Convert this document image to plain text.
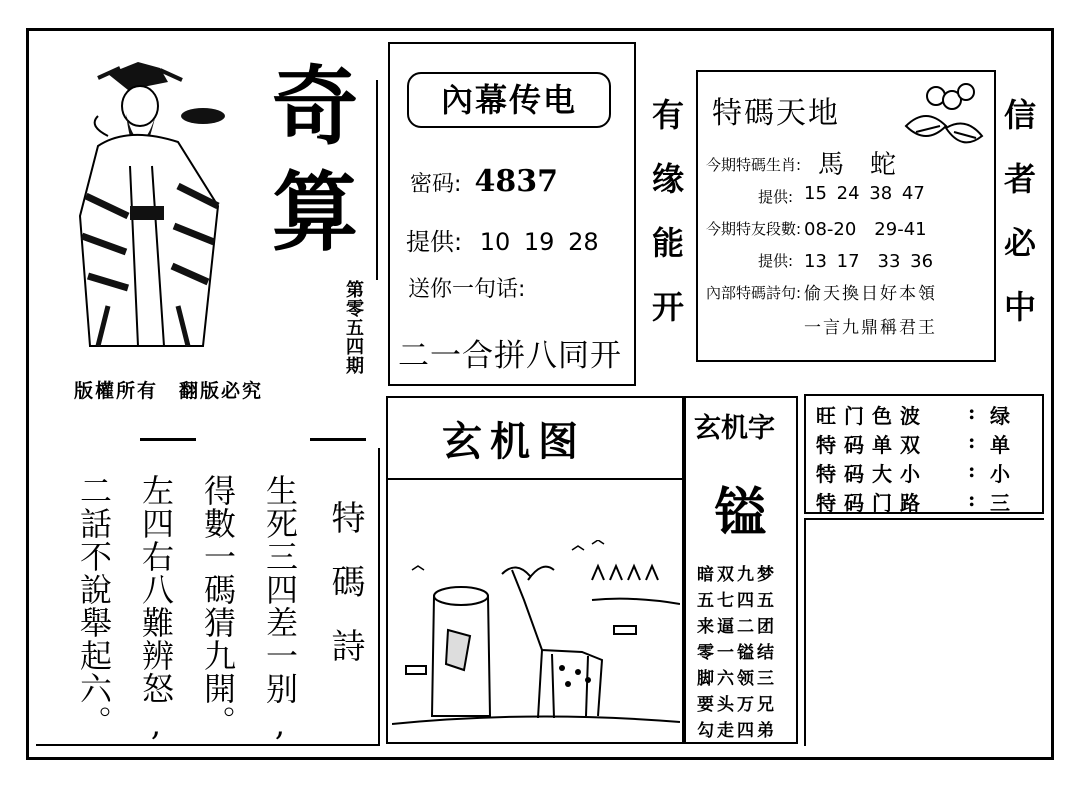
奇
算
第零五四期
版權所有　翻版必究
內幕传电
密码: 4837
提供: 10 19 28
送你一句话:
二一合拼八同开
有缘能开	信者必中
特碼天地
今期特碼生肖: 馬　蛇
提供: 15 24 38 47
今期特友段數: 08-20　29-41
提供: 13 17　33 36
內部特碼詩句: 偷天換日好本領
一言九鼎稱君王
玄机图	玄机字
镒
暗双九梦
五七四五
来逼二团
零一镒结
脚六领三
要头万兄
勾走四弟
旺门色波 : 绿
特码单双 : 单
特码大小 : 小
特码门路 : 三
特碼詩
生死三四差一别,
得數一碼猜九開。
左四右八難辨怒,
二話不說舉起六。
